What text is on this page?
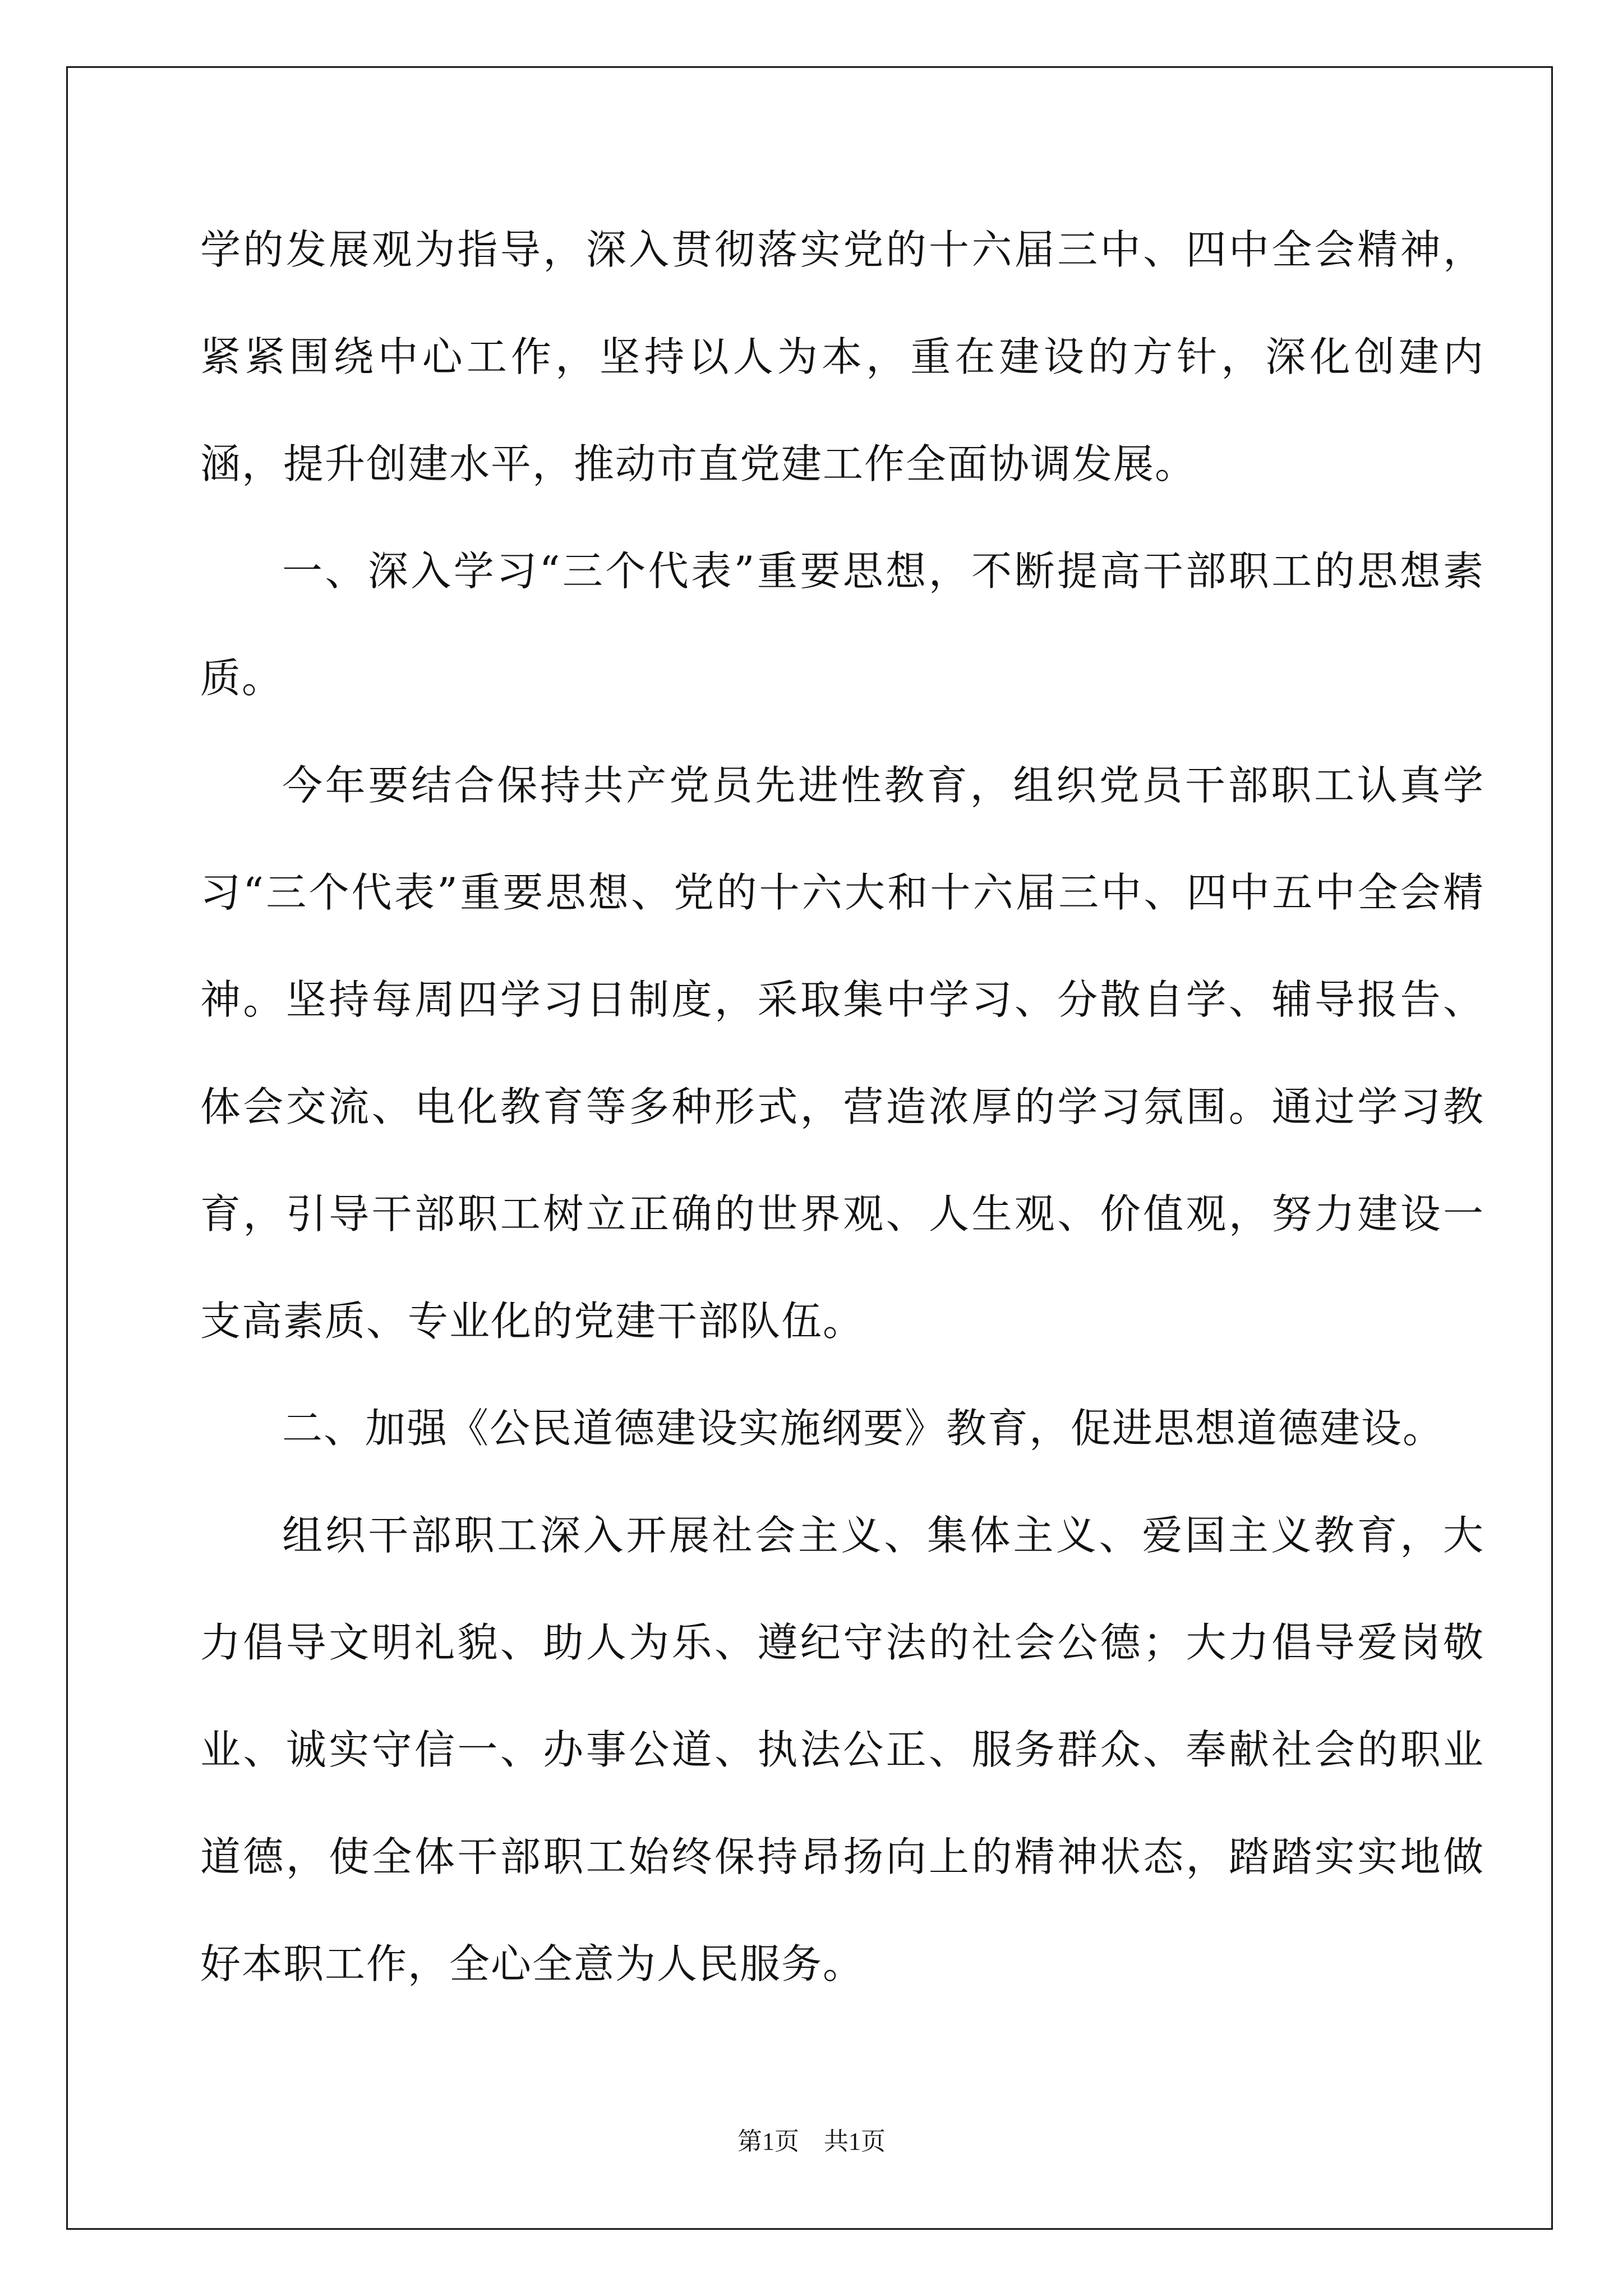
学的发展观为指导，深入贯彻落实党的十六届三中、四中全会精神，紧紧围绕中心工作，坚持以人为本，重在建设的方针，深化创建内涵，提升创建水平，推动市直党建工作全面协调发展。

一、深入学习“三个代表”重要思想，不断提高干部职工的思想素质。

今年要结合保持共产党员先进性教育，组织党员干部职工认真学习“三个代表”重要思想、党的十六大和十六届三中、四中五中全会精神。坚持每周四学习日制度，采取集中学习、分散自学、辅导报告、体会交流、电化教育等多种形式，营造浓厚的学习氛围。通过学习教育，引导干部职工树立正确的世界观、人生观、价值观，努力建设一支高素质、专业化的党建干部队伍。

二、加强《公民道德建设实施纲要》教育，促进思想道德建设。

组织干部职工深入开展社会主义、集体主义、爱国主义教育，大力倡导文明礼貌、助人为乐、遵纪守法的社会公德；大力倡导爱岗敬业、诚实守信一、办事公道、执法公正、服务群众、奉献社会的职业道德，使全体干部职工始终保持昂扬向上的精神状态，踏踏实实地做好本职工作，全心全意为人民服务。

第1页　共1页
